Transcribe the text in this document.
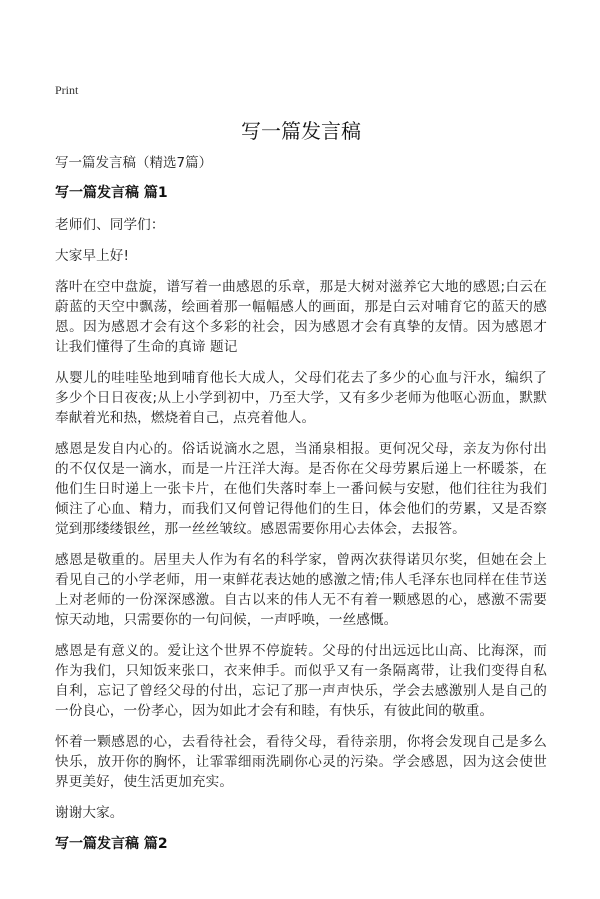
Print
写一篇发言稿

写一篇发言稿（精选7篇）

写一篇发言稿 篇1

老师们、同学们：

大家早上好!

落叶在空中盘旋，谱写着一曲感恩的乐章，那是大树对滋养它大地的感恩;白云在蔚蓝的天空中飘荡，绘画着那一幅幅感人的画面，那是白云对哺育它的蓝天的感恩。因为感恩才会有这个多彩的社会，因为感恩才会有真挚的友情。因为感恩才让我们懂得了生命的真谛 题记

从婴儿的哇哇坠地到哺育他长大成人，父母们花去了多少的心血与汗水，编织了多少个日日夜夜;从上小学到初中，乃至大学，又有多少老师为他呕心沥血，默默奉献着光和热，燃烧着自己，点亮着他人。

感恩是发自内心的。俗话说滴水之恩，当涌泉相报。更何况父母，亲友为你付出的不仅仅是一滴水，而是一片汪洋大海。是否你在父母劳累后递上一杯暖茶，在他们生日时递上一张卡片，在他们失落时奉上一番问候与安慰，他们往往为我们倾注了心血、精力，而我们又何曾记得他们的生日，体会他们的劳累，又是否察觉到那缕缕银丝，那一丝丝皱纹。感恩需要你用心去体会，去报答。

感恩是敬重的。居里夫人作为有名的科学家，曾两次获得诺贝尔奖，但她在会上看见自己的小学老师，用一束鲜花表达她的感激之情;伟人毛泽东也同样在佳节送上对老师的一份深深感激。自古以来的伟人无不有着一颗感恩的心，感激不需要惊天动地，只需要你的一句问候，一声呼唤，一丝感慨。

感恩是有意义的。爱让这个世界不停旋转。父母的付出远远比山高、比海深，而作为我们，只知饭来张口，衣来伸手。而似乎又有一条隔离带，让我们变得自私自利，忘记了曾经父母的付出，忘记了那一声声快乐，学会去感激别人是自己的一份良心，一份孝心，因为如此才会有和睦，有快乐，有彼此间的敬重。

怀着一颗感恩的心，去看待社会，看待父母，看待亲朋，你将会发现自己是多么快乐，放开你的胸怀，让霏霏细雨洗刷你心灵的污染。学会感恩，因为这会使世界更美好，使生活更加充实。

谢谢大家。

写一篇发言稿 篇2
